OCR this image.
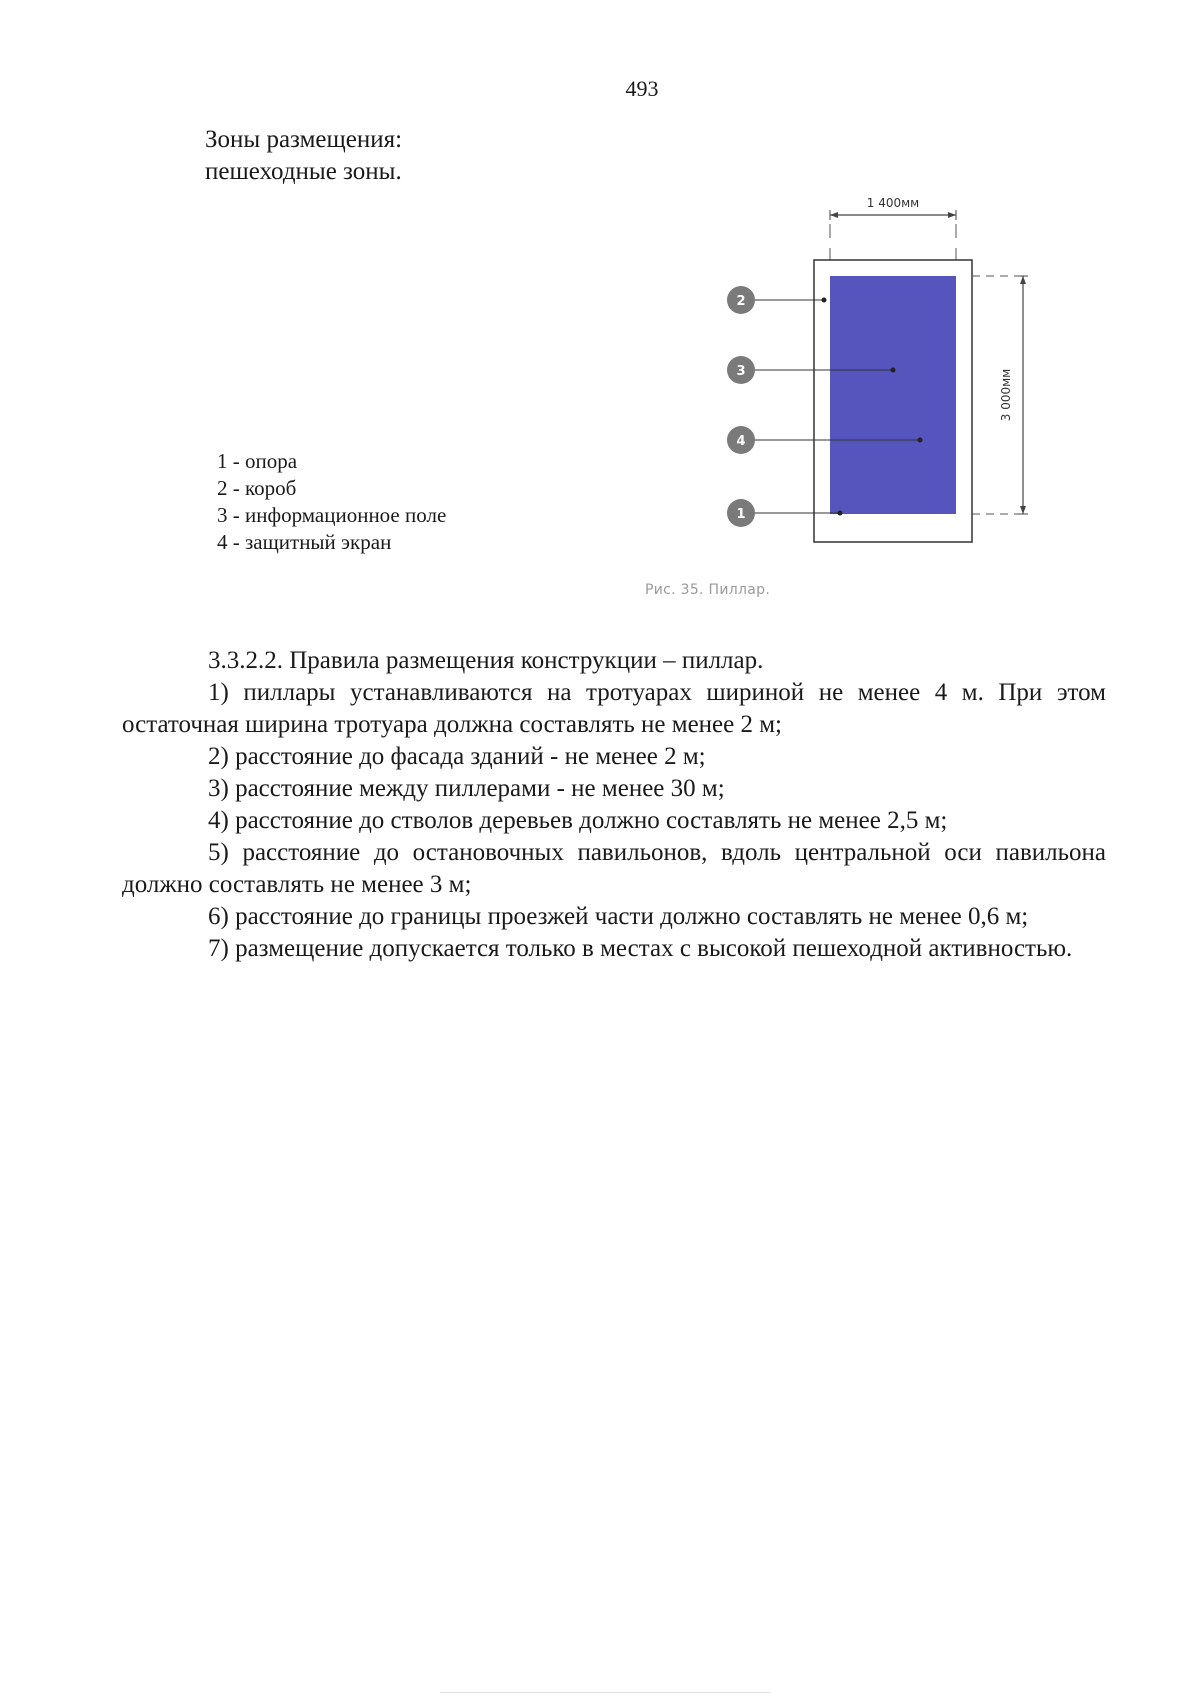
493
Зоны размещения:
пешеходные зоны.
1 - опора
2 - короб
3 - информационное поле
4 - защитный экран
1 400мм
3 000мм
2
3
4
1
Рис. 35. Пиллар.

3.3.2.2. Правила размещения конструкции – пиллар.

1) пиллары устанавливаются на тротуарах шириной не менее 4 м. При этом остаточная ширина тротуара должна составлять не менее 2 м;

2) расстояние до фасада зданий - не менее 2 м;

3) расстояние между пиллерами - не менее 30 м;

4) расстояние до стволов деревьев должно составлять не менее 2,5 м;

5) расстояние до остановочных павильонов, вдоль центральной оси павильона должно составлять не менее 3 м;

6) расстояние до границы проезжей части должно составлять не менее 0,6 м;

7) размещение допускается только в местах с высокой пешеходной активностью.
